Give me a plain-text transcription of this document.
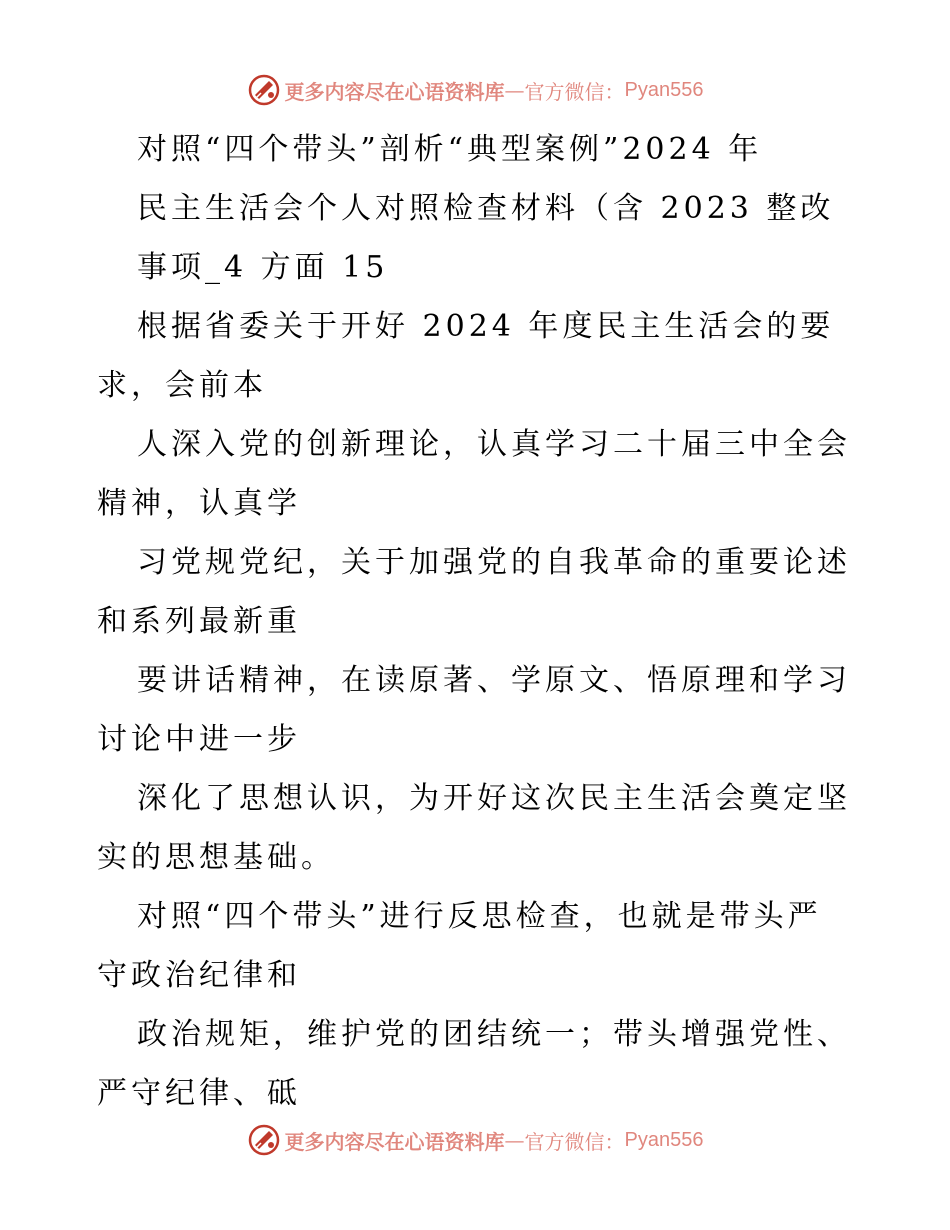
更多内容尽在心语资料库 — 官方微信： Pyan556
对照“四个带头”剖析“典型案例”2024 年
民主生活会个人对照检查材料（含 2023 整改
事项_4 方面 15
根据省委关于开好 2024 年度民主生活会的要
求，会前本
人深入党的创新理论，认真学习二十届三中全会
精神，认真学
习党规党纪，关于加强党的自我革命的重要论述
和系列最新重
要讲话精神，在读原著、学原文、悟原理和学习
讨论中进一步
深化了思想认识，为开好这次民主生活会奠定坚
实的思想基础。
对照“四个带头”进行反思检查，也就是带头严
守政治纪律和
政治规矩，维护党的团结统一；带头增强党性、
严守纪律、砥
更多内容尽在心语资料库 — 官方微信： Pyan556
